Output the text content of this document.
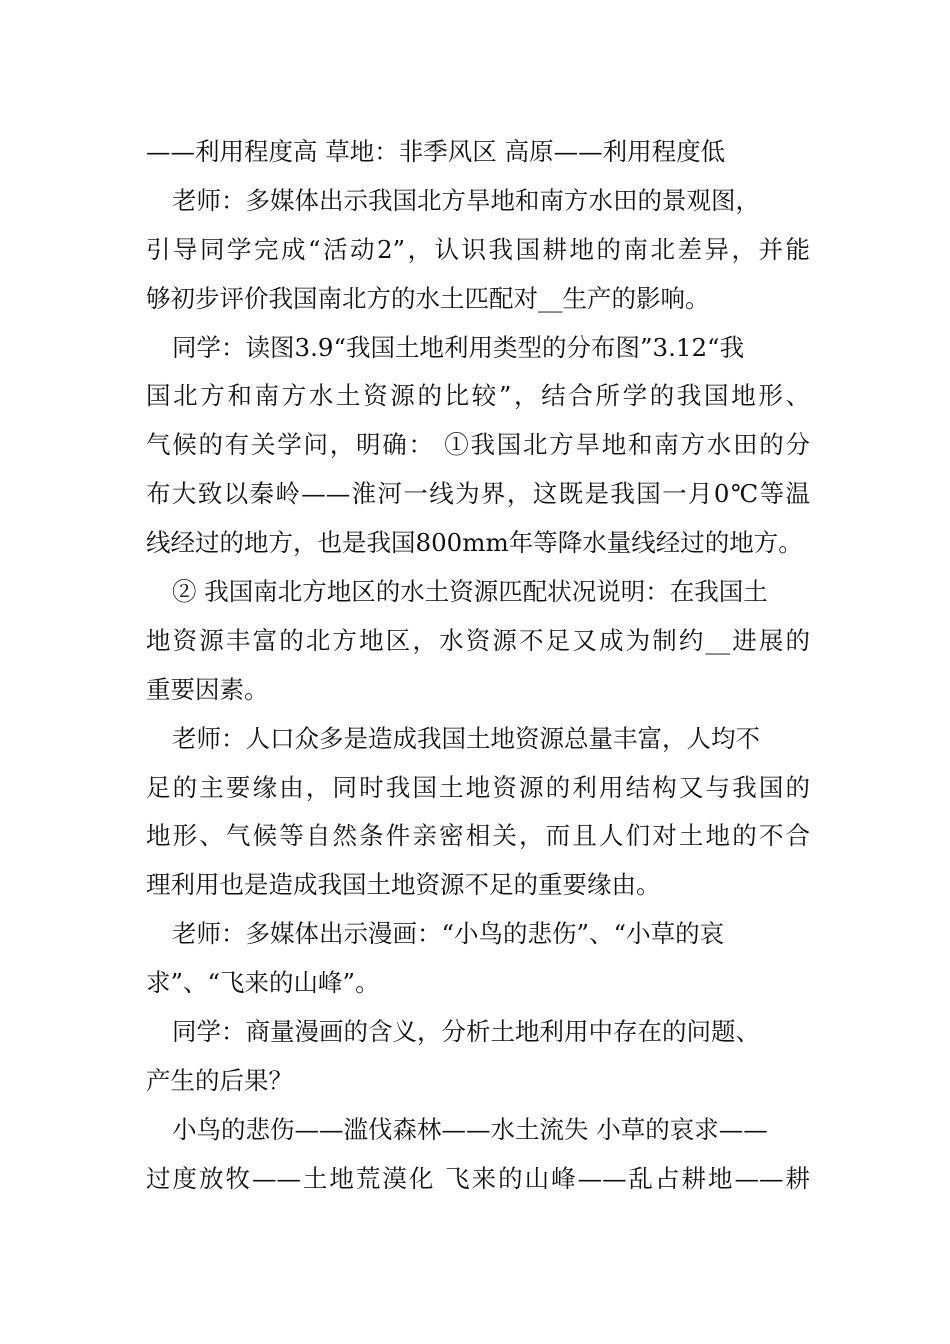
——利用程度高 草地：非季风区 高原——利用程度低
老师：多媒体出示我国北方旱地和南方水田的景观图，
引导同学完成“活动2”，认识我国耕地的南北差异，并能
够初步评价我国南北方的水土匹配对__生产的影响。
同学：读图3.9“我国土地利用类型的分布图”3.12“我
国北方和南方水土资源的比较”，结合所学的我国地形、
气候的有关学问，明确： ①我国北方旱地和南方水田的分
布大致以秦岭——淮河一线为界，这既是我国一月0℃等温
线经过的地方，也是我国800mm年等降水量线经过的地方。
② 我国南北方地区的水土资源匹配状况说明：在我国土
地资源丰富的北方地区，水资源不足又成为制约__进展的
重要因素。
老师：人口众多是造成我国土地资源总量丰富，人均不
足的主要缘由，同时我国土地资源的利用结构又与我国的
地形、气候等自然条件亲密相关，而且人们对土地的不合
理利用也是造成我国土地资源不足的重要缘由。
老师：多媒体出示漫画：“小鸟的悲伤”、“小草的哀
求”、“飞来的山峰”。
同学：商量漫画的含义，分析土地利用中存在的问题、
产生的后果？
小鸟的悲伤——滥伐森林——水土流失 小草的哀求——
过度放牧——土地荒漠化 飞来的山峰——乱占耕地——耕
